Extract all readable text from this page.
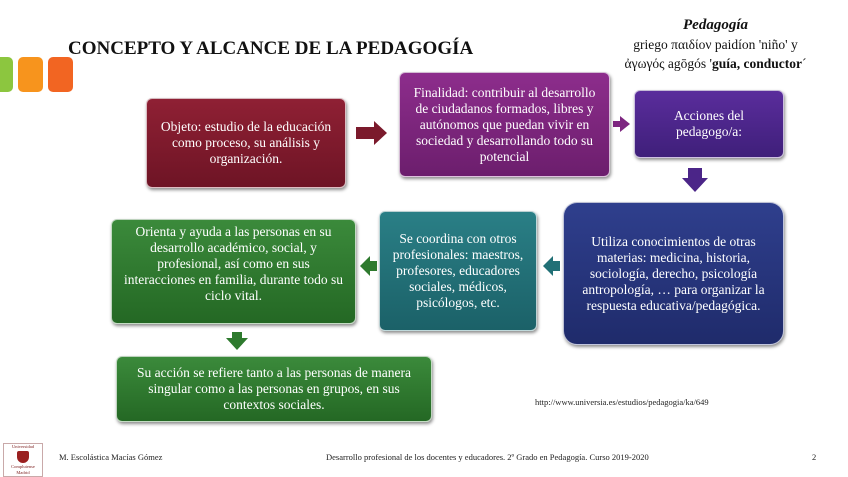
CONCEPTO Y ALCANCE DE LA PEDAGOGÍA
Pedagogía
griego παιδίον paidíon 'niño' y
ἀγωγός agōgós 'guía, conductor´
Objeto: estudio de la educación como proceso, su análisis y organización.
Finalidad: contribuir al desarrollo de ciudadanos formados, libres y autónomos que puedan vivir en sociedad y desarrollando todo su potencial
Acciones del pedagogo/a:
Utiliza conocimientos de otras materias: medicina, historia, sociología, derecho, psicología antropología, … para organizar la respuesta educativa/pedagógica.
Se coordina con otros profesionales: maestros, profesores, educadores sociales, médicos, psicólogos, etc.
Orienta y ayuda a las personas en su desarrollo académico, social, y profesional, así como en sus interacciones en familia, durante todo su ciclo vital.
Su acción se refiere tanto a las personas de manera singular como a las personas en grupos, en sus contextos sociales.	http://www.universia.es/estudios/pedagogia/ka/649
Universidad
Complutense
Madrid
M. Escolástica Macías Gómez	Desarrollo profesional de los docentes y educadores. 2º Grado en Pedagogía. Curso 2019-2020	2
